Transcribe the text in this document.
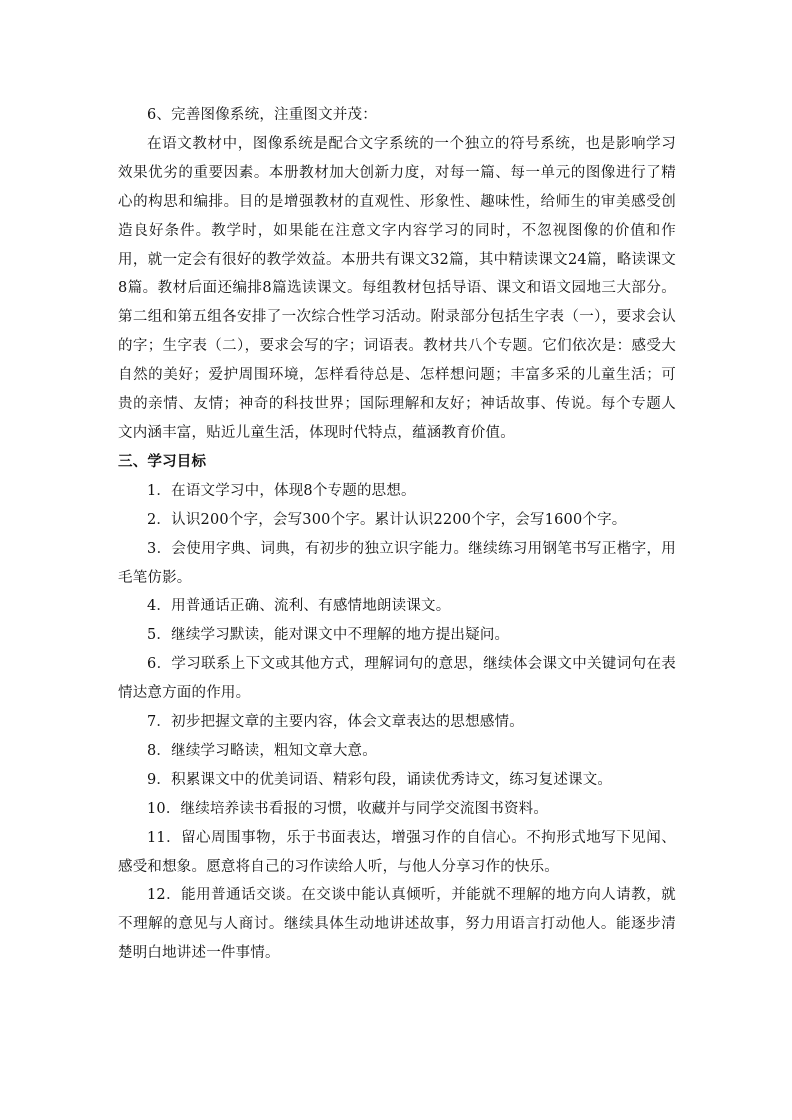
6、完善图像系统，注重图文并茂：

在语文教材中，图像系统是配合文字系统的一个独立的符号系统，也是影响学习效果优劣的重要因素。本册教材加大创新力度，对每一篇、每一单元的图像进行了精心的构思和编排。目的是增强教材的直观性、形象性、趣味性，给师生的审美感受创造良好条件。教学时，如果能在注意文字内容学习的同时，不忽视图像的价值和作用，就一定会有很好的教学效益。本册共有课文32篇，其中精读课文24篇，略读课文8篇。教材后面还编排8篇选读课文。每组教材包括导语、课文和语文园地三大部分。第二组和第五组各安排了一次综合性学习活动。附录部分包括生字表（一），要求会认的字；生字表（二），要求会写的字；词语表。教材共八个专题。它们依次是：感受大自然的美好；爱护周围环境，怎样看待总是、怎样想问题；丰富多采的儿童生活；可贵的亲情、友情；神奇的科技世界；国际理解和友好；神话故事、传说。每个专题人文内涵丰富，贴近儿童生活，体现时代特点，蕴涵教育价值。

三、学习目标

1．在语文学习中，体现8个专题的思想。

2．认识200个字，会写300个字。累计认识2200个字，会写1600个字。

3．会使用字典、词典，有初步的独立识字能力。继续练习用钢笔书写正楷字，用毛笔仿影。

4．用普通话正确、流利、有感情地朗读课文。

5．继续学习默读，能对课文中不理解的地方提出疑问。

6．学习联系上下文或其他方式，理解词句的意思，继续体会课文中关键词句在表情达意方面的作用。

7．初步把握文章的主要内容，体会文章表达的思想感情。

8．继续学习略读，粗知文章大意。

9．积累课文中的优美词语、精彩句段，诵读优秀诗文，练习复述课文。

10．继续培养读书看报的习惯，收藏并与同学交流图书资料。

11．留心周围事物，乐于书面表达，增强习作的自信心。不拘形式地写下见闻、感受和想象。愿意将自己的习作读给人听，与他人分享习作的快乐。

12．能用普通话交谈。在交谈中能认真倾听，并能就不理解的地方向人请教，就不理解的意见与人商讨。继续具体生动地讲述故事，努力用语言打动他人。能逐步清楚明白地讲述一件事情。
